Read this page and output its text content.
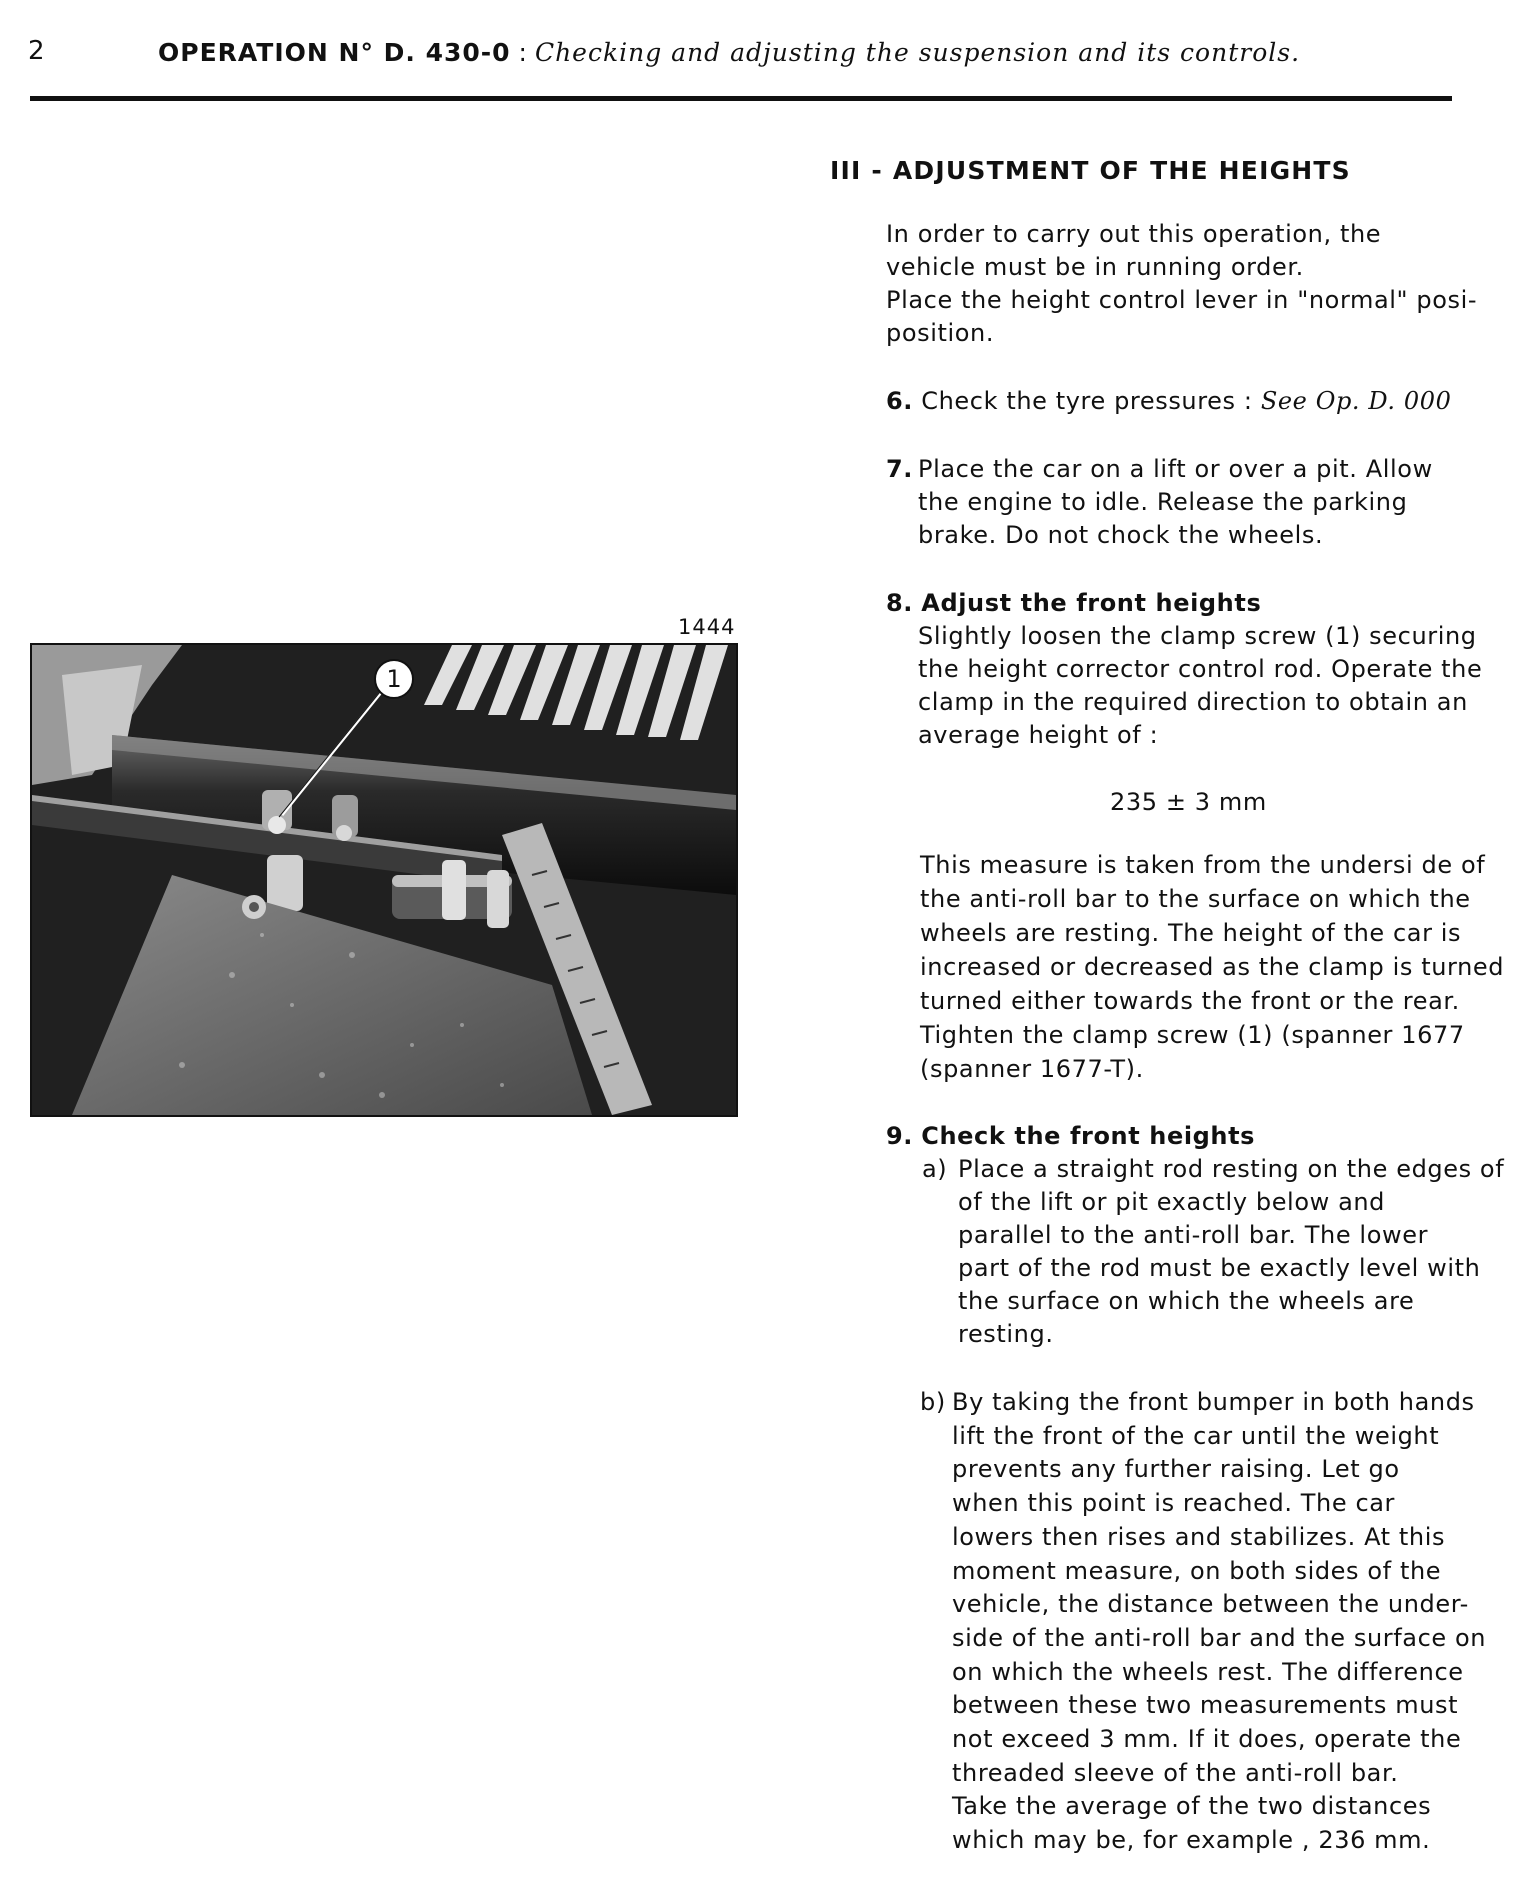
2	OPERATION N° D. 430-0 : Checking and adjusting the suspension and its controls.
1444
1
III - ADJUSTMENT OF THE HEIGHTS
In order to carry out this operation, the
vehicle must be in running order.
Place the height control lever in "normal" posi-
position.
6. Check the tyre pressures : See Op. D. 000
7. Place the car on a lift or over a pit. Allow
the engine to idle. Release the parking
brake. Do not chock the wheels.
8. Adjust the front heights
Slightly loosen the clamp screw (1) securing
the height corrector control rod. Operate the
clamp in the required direction to obtain an
average height of :
235 ± 3 mm
This measure is taken from the undersi de of
the anti-roll bar to the surface on which the
wheels are resting. The height of the car is
increased or decreased as the clamp is turned
turned either towards the front or the rear.
Tighten the clamp screw (1) (spanner 1677
(spanner 1677-T).
9. Check the front heights
a) Place a straight rod resting on the edges of
of the lift or pit exactly below and
parallel to the anti-roll bar. The lower
part of the rod must be exactly level with
the surface on which the wheels are
resting.
b) By taking the front bumper in both hands
lift the front of the car until the weight
prevents any further raising. Let go
when this point is reached. The car
lowers then rises and stabilizes. At this
moment measure, on both sides of the
vehicle, the distance between the under-
side of the anti-roll bar and the surface on
on which the wheels rest. The difference
between these two measurements must
not exceed 3 mm. If it does, operate the
threaded sleeve of the anti-roll bar.
Take the average of the two distances
which may be, for example , 236 mm.
